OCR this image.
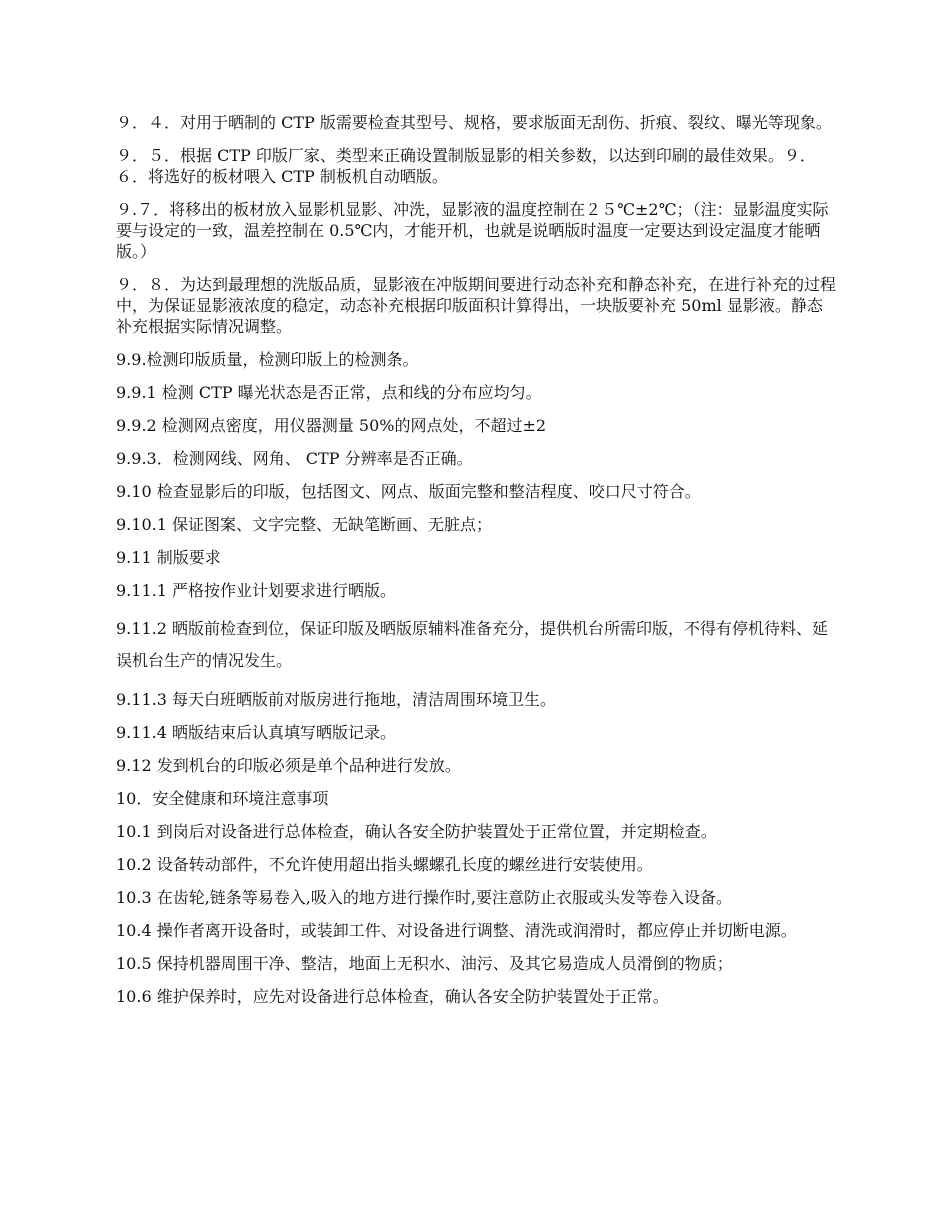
９．４．对用于晒制的 CTP 版需要检查其型号、规格，要求版面无刮伤、折痕、裂纹、曝光等现象。

９．５．根据 CTP 印版厂家、类型来正确设置制版显影的相关参数，以达到印刷的最佳效果。９．６．将选好的板材喂入 CTP 制板机自动晒版。

９.７．将移出的板材放入显影机显影、冲洗，显影液的温度控制在２５℃±2℃；（注：显影温度实际要与设定的一致，温差控制在 0.5℃内，才能开机，也就是说晒版时温度一定要达到设定温度才能晒版。）

９．８．为达到最理想的洗版品质，显影液在冲版期间要进行动态补充和静态补充，在进行补充的过程中，为保证显影液浓度的稳定，动态补充根据印版面积计算得出，一块版要补充 50ml 显影液。静态补充根据实际情况调整。

9.9.检测印版质量，检测印版上的检测条。

9.9.1 检测 CTP 曝光状态是否正常，点和线的分布应均匀。

9.9.2 检测网点密度，用仪器测量 50%的网点处，不超过±2

9.9.3．检测网线、网角、 CTP 分辨率是否正确。

9.10 检查显影后的印版，包括图文、网点、版面完整和整洁程度、咬口尺寸符合。

9.10.1 保证图案、文字完整、无缺笔断画、无脏点；

9.11 制版要求

9.11.1 严格按作业计划要求进行晒版。

9.11.2 晒版前检查到位，保证印版及晒版原辅料准备充分，提供机台所需印版，不得有停机待料、延误机台生产的情况发生。

9.11.3 每天白班晒版前对版房进行拖地，清洁周围环境卫生。

9.11.4 晒版结束后认真填写晒版记录。

9.12 发到机台的印版必须是单个品种进行发放。

10．安全健康和环境注意事项

10.1 到岗后对设备进行总体检查，确认各安全防护装置处于正常位置，并定期检查。

10.2 设备转动部件，不允许使用超出指头螺螺孔长度的螺丝进行安装使用。

10.3 在齿轮,链条等易卷入,吸入的地方进行操作时,要注意防止衣服或头发等卷入设备。

10.4 操作者离开设备时，或装卸工件、对设备进行调整、清洗或润滑时，都应停止并切断电源。

10.5 保持机器周围干净、整洁，地面上无积水、油污、及其它易造成人员滑倒的物质；

10.6 维护保养时，应先对设备进行总体检查，确认各安全防护装置处于正常。
